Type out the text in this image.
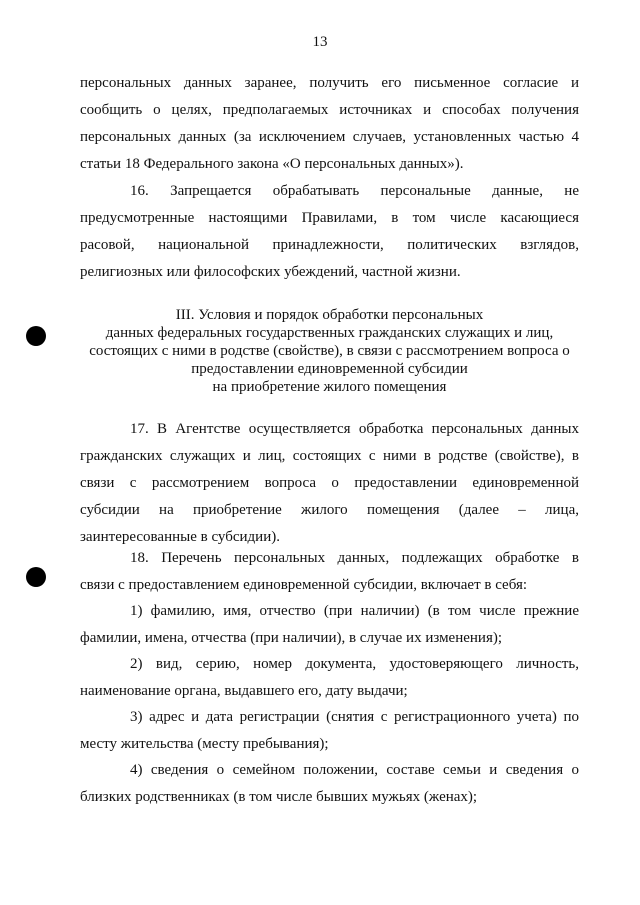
13

персональных данных заранее, получить его письменное согласие и
сообщить о целях, предполагаемых источниках и способах получения
персональных данных (за исключением случаев, установленных частью 4
статьи 18 Федерального закона «О персональных данных»).

16. Запрещается обрабатывать персональные данные, не
предусмотренные настоящими Правилами, в том числе касающиеся
расовой, национальной принадлежности, политических взглядов,
религиозных или философских убеждений, частной жизни.

III. Условия и порядок обработки персональных
данных федеральных государственных гражданских служащих и лиц,
состоящих с ними в родстве (свойстве), в связи с рассмотрением вопроса о
предоставлении единовременной субсидии
на приобретение жилого помещения

17. В Агентстве осуществляется обработка персональных данных
гражданских служащих и лиц, состоящих с ними в родстве (свойстве), в
связи с рассмотрением вопроса о предоставлении единовременной
субсидии на приобретение жилого помещения (далее – лица,
заинтересованные в субсидии).

18. Перечень персональных данных, подлежащих обработке в
связи с предоставлением единовременной субсидии, включает в себя:

1) фамилию, имя, отчество (при наличии) (в том числе прежние
фамилии, имена, отчества (при наличии), в случае их изменения);

2) вид, серию, номер документа, удостоверяющего личность,
наименование органа, выдавшего его, дату выдачи;

3) адрес и дата регистрации (снятия с регистрационного учета) по
месту жительства (месту пребывания);

4) сведения о семейном положении, составе семьи и сведения о
близких родственниках (в том числе бывших мужьях (женах);
